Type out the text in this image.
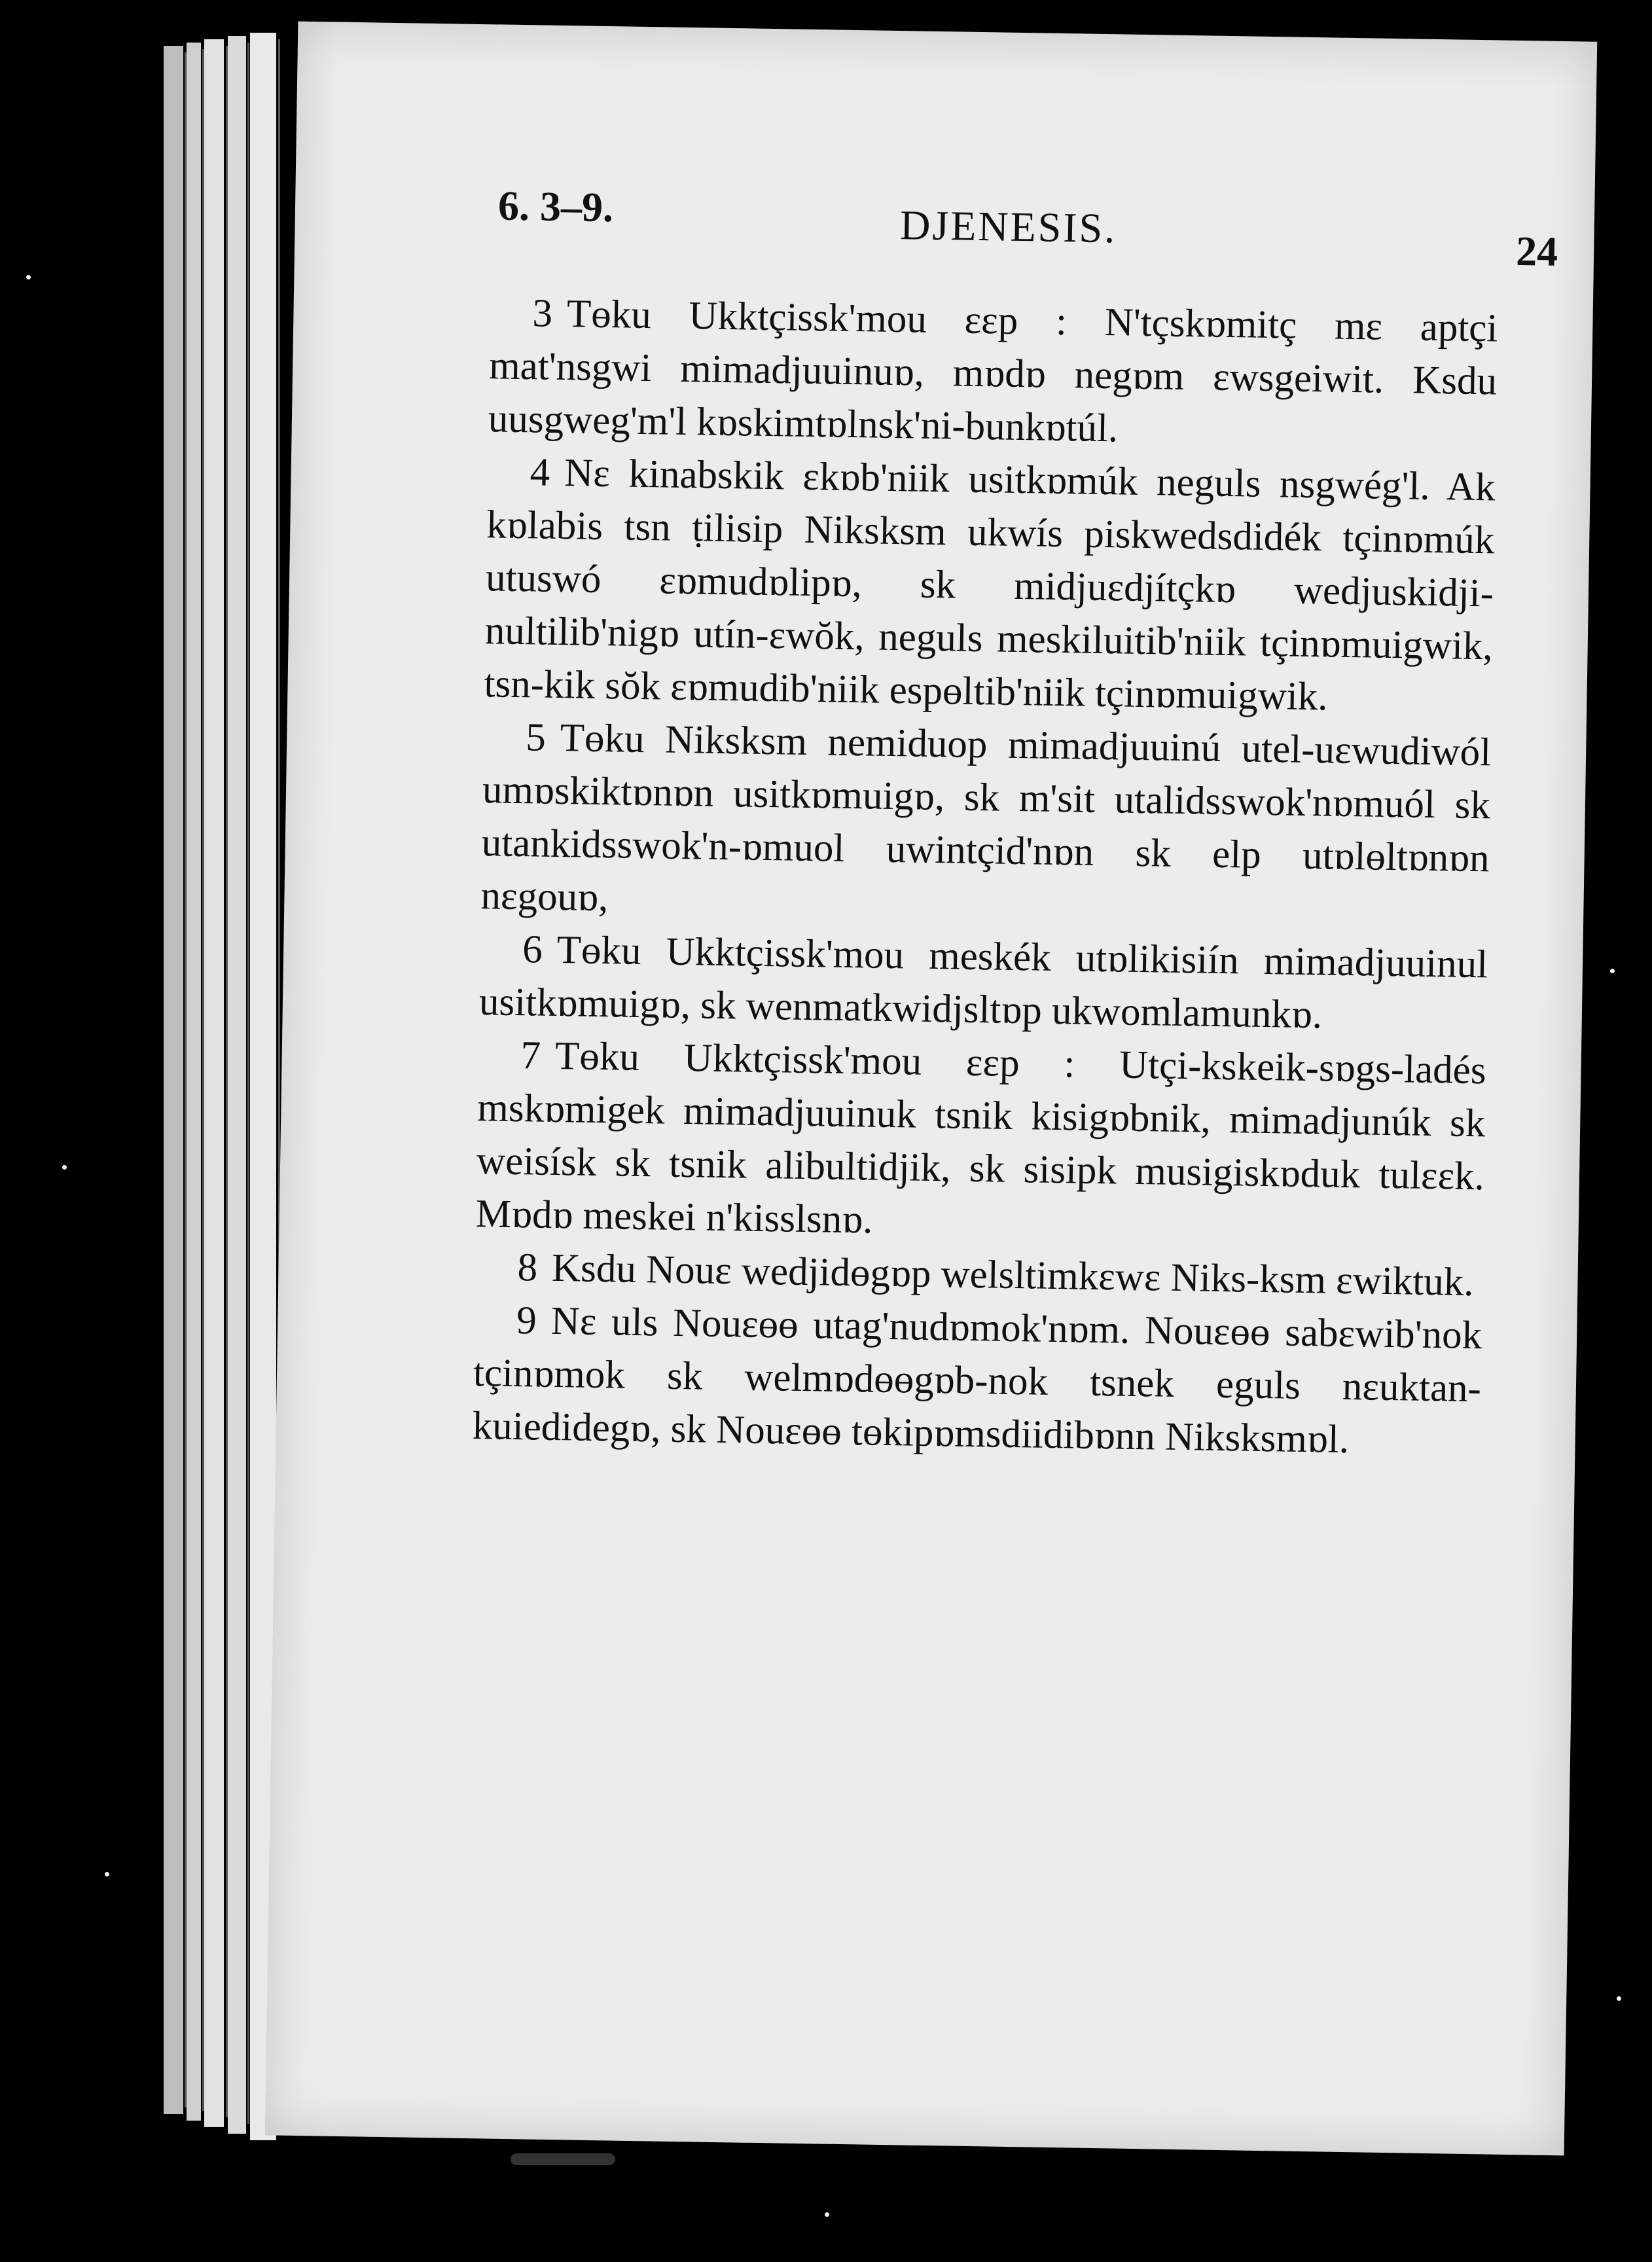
6. 3–9.	DJENESIS.	24

3 Tɵku Ukktçissk'mou εεp : N'tçskɒmitç mε aptçi mat'nsgwi mimadjuuinuɒ, mɒdɒ negɒm εwsgeiwit. Ksdu uusgweg'm'l kɒskimtɒlnsk'ni-bunkɒtúl.

4 Nε kinabskik εkɒb'niik usitkɒmúk neguls nsgwég'l. Ak kɒlabis tsn ṭilisip Niksksm ukwís piskwedsdidék tçinɒmúk utuswó εɒmudɒlipɒ, sk midjuεdjítçkɒ wedjuskidji-nultilib'nigɒ utín-εwŏk, neguls meskiluitib'niik tçinɒmuigwik, tsn-kik sŏk εɒmudib'niik espɵltib'niik tçinɒmuigwik.

5 Tɵku Niksksm nemiduop mimadjuuinú utel-uεwudiwól umɒskiktɒnɒn usitkɒmuigɒ, sk m'sit utalidsswok'nɒmuól sk utankidsswok'n-ɒmuol uwintçid'nɒn sk elp utɒlɵltɒnɒn nεgouɒ,

6 Tɵku Ukktçissk'mou meskék utɒlikisiín mimadjuuinul usitkɒmuigɒ, sk wenmatkwidjsltɒp ukwomlamunkɒ.

7 Tɵku Ukktçissk'mou εεp : Utçi-kskeik-sɒgs-ladés mskɒmigek mimadjuuinuk tsnik kisigɒbnik, mimadjunúk sk weisísk sk tsnik alibultidjik, sk sisipk musigiskɒduk tulεεk. Mɒdɒ meskei n'kisslsnɒ.

8 Ksdu Nouε wedjidɵgɒp welsltimkεwε Niks-ksm εwiktuk.

9 Nε uls Nouεɵɵ utag'nudɒmok'nɒm. Nouεɵɵ sabεwib'nok tçinɒmok sk welmɒdɵɵgɒb-nok tsnek eguls nεuktan-kuiedidegɒ, sk Nouεɵɵ tɵkipɒmsdiidibɒnn Niksksmɒl.
